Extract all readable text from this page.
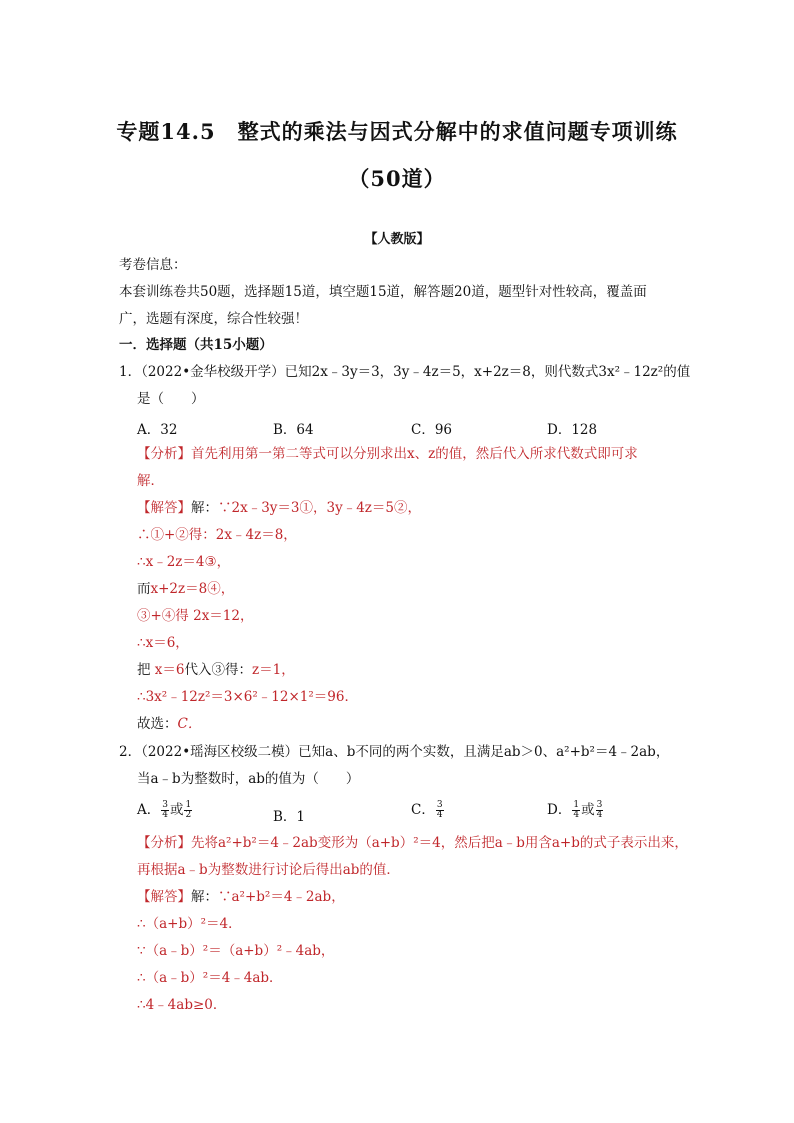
专题14.5　整式的乘法与因式分解中的求值问题专项训练
（50道）
【人教版】
考卷信息：
本套训练卷共50题，选择题15道，填空题15道，解答题20道，题型针对性较高，覆盖面
广，选题有深度，综合性较强！
一．选择题（共15小题）
1．（2022•金华校级开学）已知2x﹣3y＝3，3y﹣4z＝5，x+2z＝8，则代数式3x²﹣12z²的值
是（　　）
A．32	B．64	C．96	D．128
【分析】首先利用第一第二等式可以分别求出x、z的值，然后代入所求代数式即可求
解．
【解答】解：∵2x﹣3y＝3①，3y﹣4z＝5②，
∴①+②得：2x﹣4z＝8，
∴x﹣2z＝4③，
而x+2z＝8④，
③+④得 2x＝12，
∴x＝6，
把 x＝6代入③得：z＝1，
∴3x²﹣12z²＝3×6²﹣12×1²＝96．
故选：C．
2．（2022•瑶海区校级二模）已知a、b不同的两个实数，且满足ab＞0、a²+b²＝4﹣2ab，
当a﹣b为整数时，ab的值为（　　）
A． $\frac{3}{4}$ 或 $\frac{1}{2}$	B．1	C． $\frac{3}{4}$	D． $\frac{1}{4}$ 或 $\frac{3}{4}$
【分析】先将a²+b²＝4﹣2ab变形为（a+b）²＝4，然后把a﹣b用含a+b的式子表示出来，
再根据a﹣b为整数进行讨论后得出ab的值．
【解答】解：∵a²+b²＝4﹣2ab，
∴（a+b）²＝4．
∵（a﹣b）²＝（a+b）²﹣4ab，
∴（a﹣b）²＝4﹣4ab．
∴4﹣4ab≥0．
